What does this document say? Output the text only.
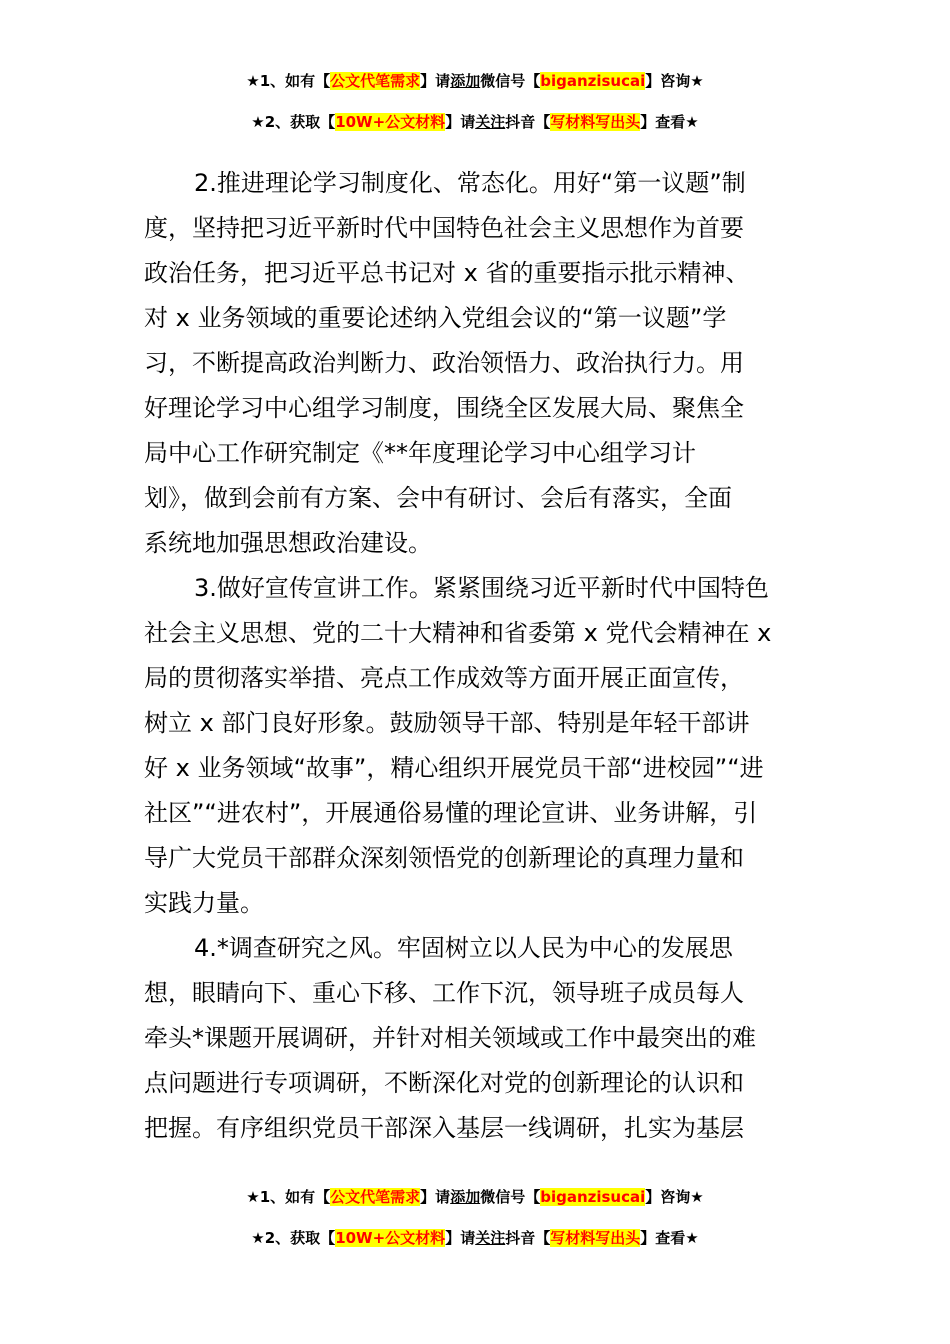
★1、如有【公文代笔需求】请添加微信号【biganzisucai】咨询★
★2、获取【10W+公文材料】请关注抖音【写材料写出头】查看★
2.推进理论学习制度化、常态化。用好“第一议题”制
度，坚持把习近平新时代中国特色社会主义思想作为首要
政治任务，把习近平总书记对 x 省的重要指示批示精神、
对 x 业务领域的重要论述纳入党组会议的“第一议题”学
习，不断提高政治判断力、政治领悟力、政治执行力。用
好理论学习中心组学习制度，围绕全区发展大局、聚焦全
局中心工作研究制定《**年度理论学习中心组学习计
划》，做到会前有方案、会中有研讨、会后有落实，全面
系统地加强思想政治建设。
3.做好宣传宣讲工作。紧紧围绕习近平新时代中国特色
社会主义思想、党的二十大精神和省委第 x 党代会精神在 x
局的贯彻落实举措、亮点工作成效等方面开展正面宣传，
树立 x 部门良好形象。鼓励领导干部、特别是年轻干部讲
好 x 业务领域“故事”，精心组织开展党员干部“进校园”“进
社区”“进农村”，开展通俗易懂的理论宣讲、业务讲解，引
导广大党员干部群众深刻领悟党的创新理论的真理力量和
实践力量。
4.*调查研究之风。牢固树立以人民为中心的发展思
想，眼睛向下、重心下移、工作下沉，领导班子成员每人
牵头*课题开展调研，并针对相关领域或工作中最突出的难
点问题进行专项调研，不断深化对党的创新理论的认识和
把握。有序组织党员干部深入基层一线调研，扎实为基层
★1、如有【公文代笔需求】请添加微信号【biganzisucai】咨询★
★2、获取【10W+公文材料】请关注抖音【写材料写出头】查看★
